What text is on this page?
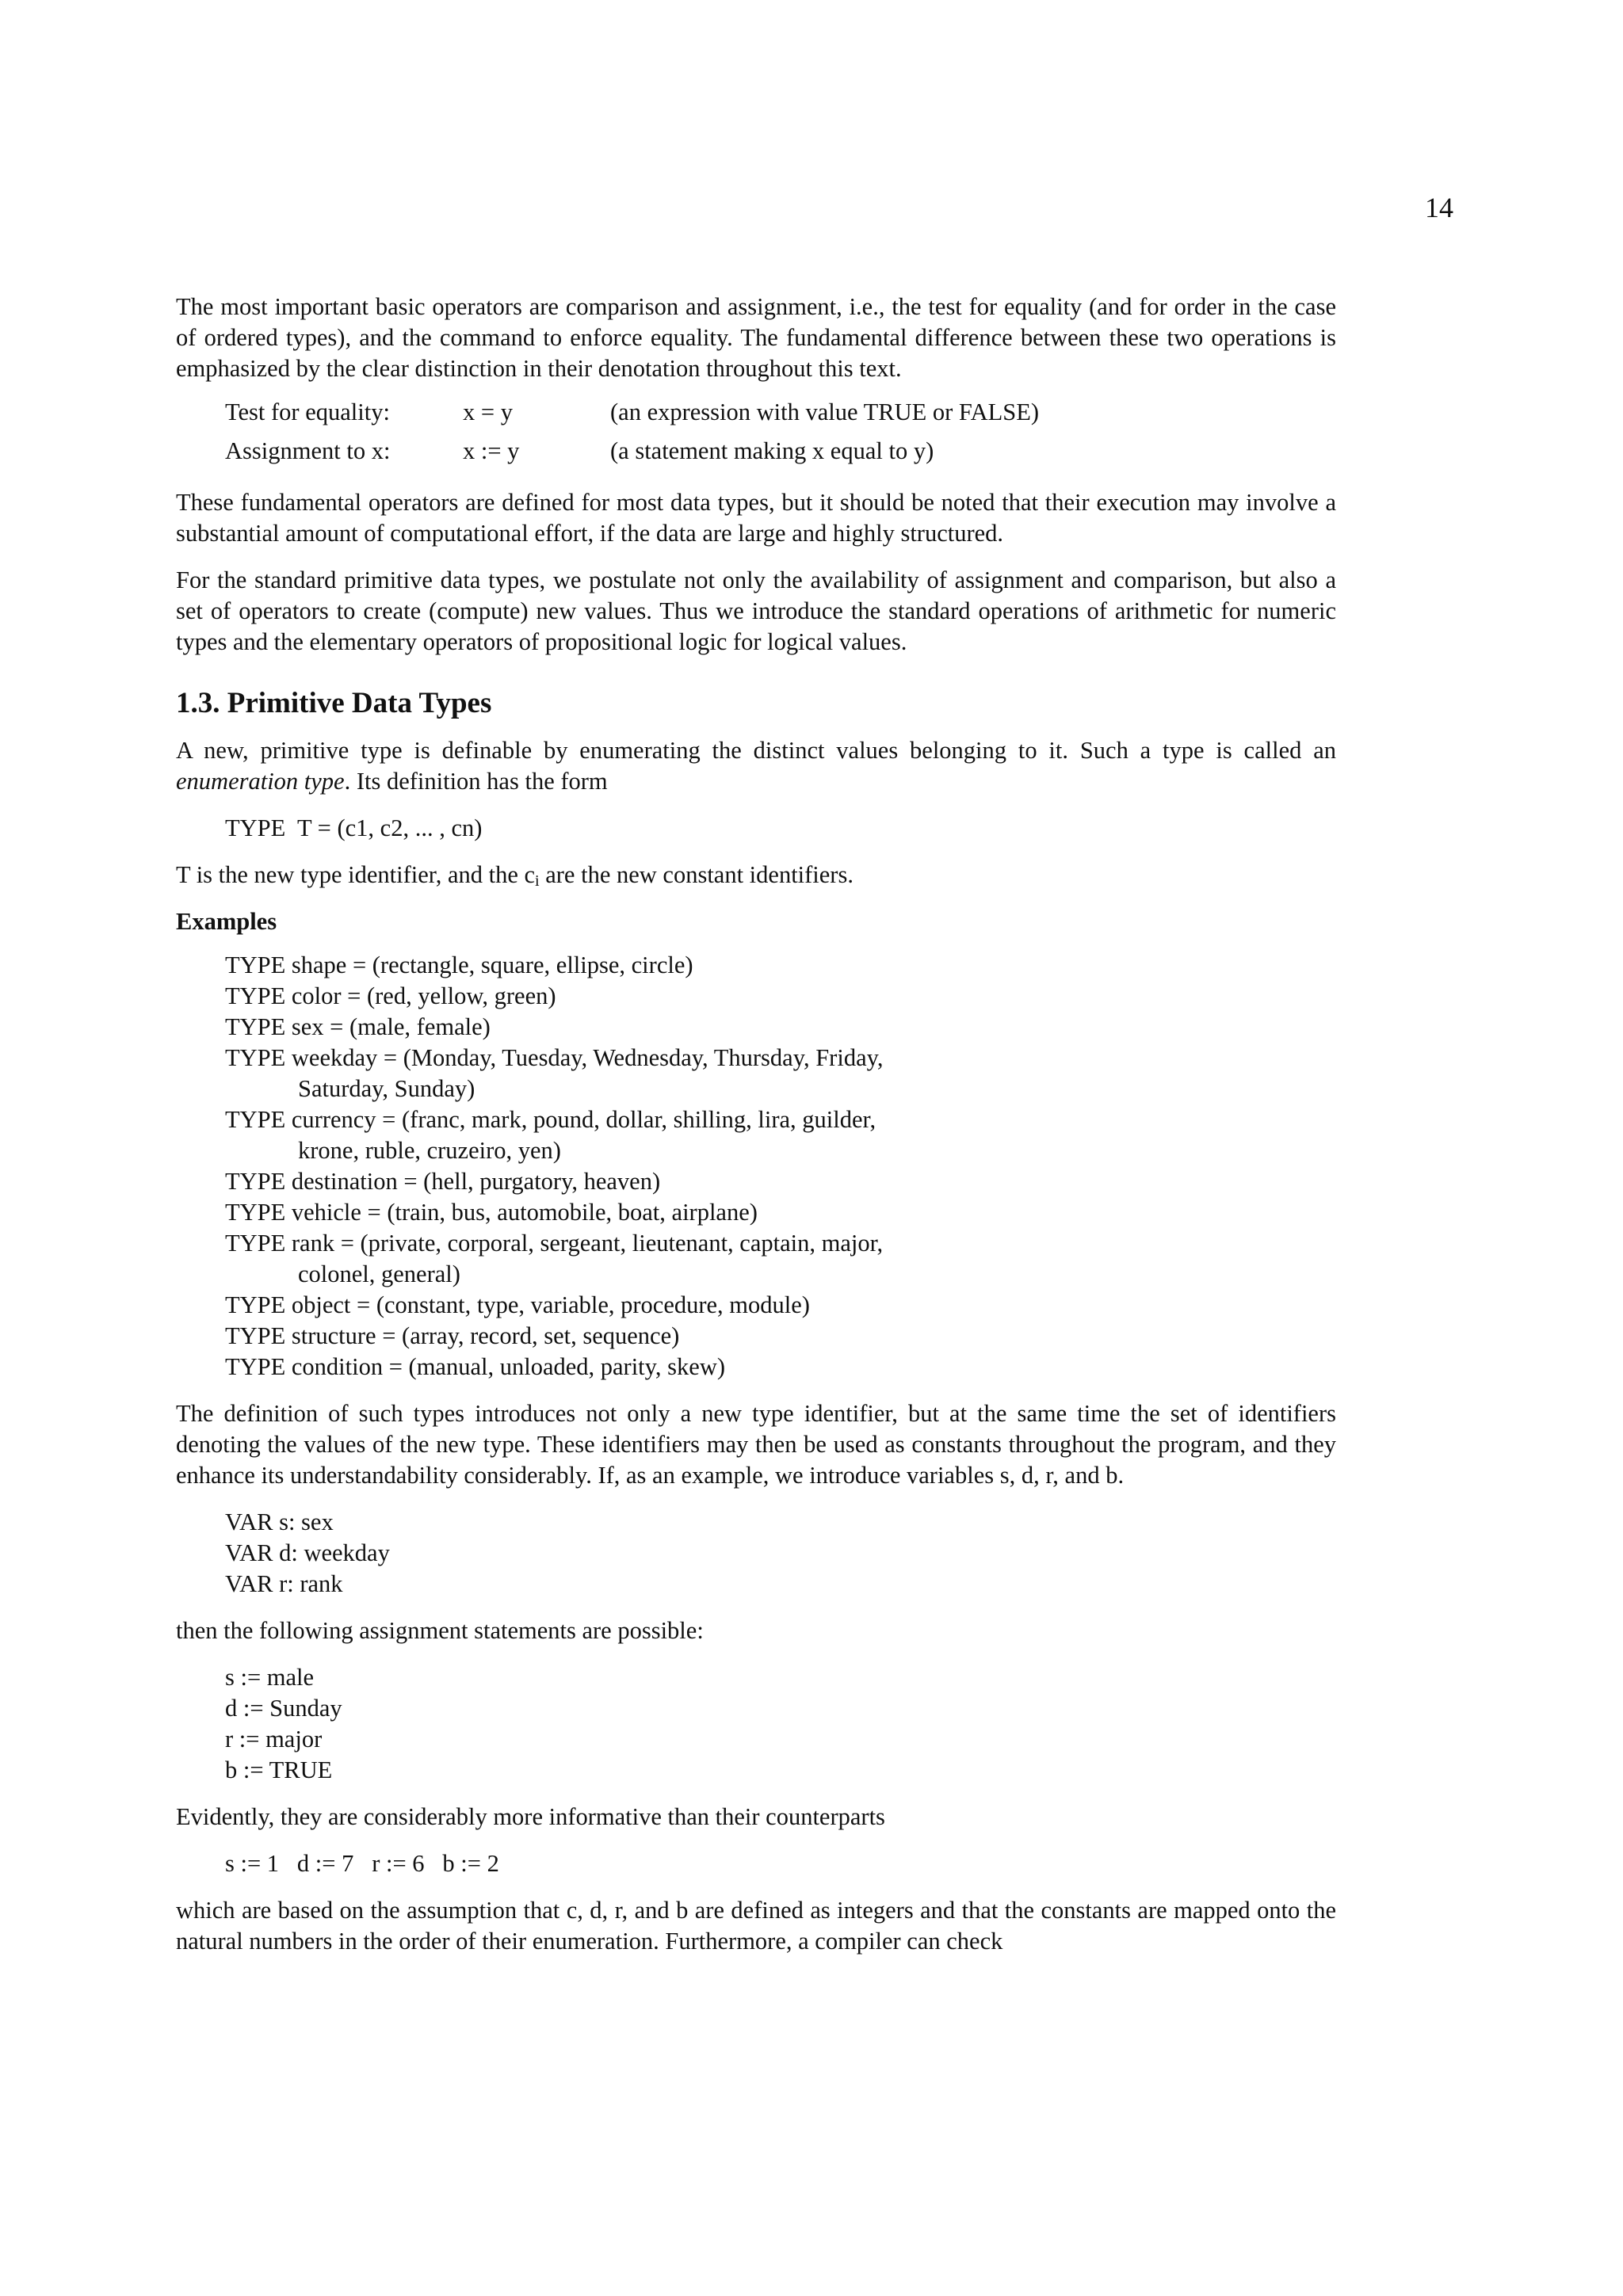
14

The most important basic operators are comparison and assignment, i.e., the test for equality (and for order in the case of ordered types), and the command to enforce equality. The fundamental difference between these two operations is emphasized by the clear distinction in their denotation throughout this text.

Test for equality:	x = y	(an expression with value TRUE or FALSE)
Assignment to x:	x := y	(a statement making x equal to y)

These fundamental operators are defined for most data types, but it should be noted that their execution may involve a substantial amount of computational effort, if the data are large and highly structured.

For the standard primitive data types, we postulate not only the availability of assignment and comparison, but also a set of operators to create (compute) new values. Thus we introduce the standard operations of arithmetic for numeric types and the elementary operators of propositional logic for logical values.

1.3. Primitive Data Types

A new, primitive type is definable by enumerating the distinct values belonging to it. Such a type is called an enumeration type. Its definition has the form

TYPE  T = (c1, c2, ... , cn)

T is the new type identifier, and the $c_i$ are the new constant identifiers.

Examples
TYPE shape = (rectangle, square, ellipse, circle)
TYPE color = (red, yellow, green)
TYPE sex = (male, female)
TYPE weekday = (Monday, Tuesday, Wednesday, Thursday, Friday,
Saturday, Sunday)
TYPE currency = (franc, mark, pound, dollar, shilling, lira, guilder,
krone, ruble, cruzeiro, yen)
TYPE destination = (hell, purgatory, heaven)
TYPE vehicle = (train, bus, automobile, boat, airplane)
TYPE rank = (private, corporal, sergeant, lieutenant, captain, major,
colonel, general)
TYPE object = (constant, type, variable, procedure, module)
TYPE structure = (array, record, set, sequence)
TYPE condition = (manual, unloaded, parity, skew)

The definition of such types introduces not only a new type identifier, but at the same time the set of identifiers denoting the values of the new type. These identifiers may then be used as constants throughout the program, and they enhance its understandability considerably. If, as an example, we introduce variables s, d, r, and b.

VAR s: sex
VAR d: weekday
VAR r: rank

then the following assignment statements are possible:

s := male
d := Sunday
r := major
b := TRUE

Evidently, they are considerably more informative than their counterparts

s := 1   d := 7   r := 6   b := 2

which are based on the assumption that c, d, r, and b are defined as integers and that the constants are mapped onto the natural numbers in the order of their enumeration. Furthermore, a compiler can check
